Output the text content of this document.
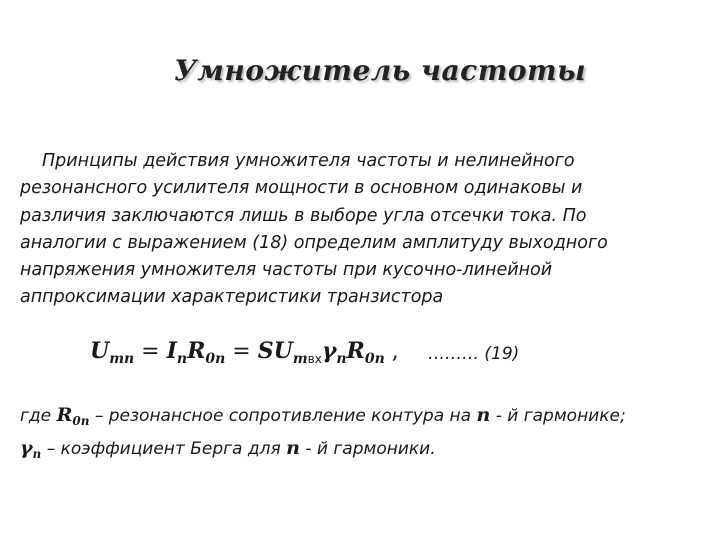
Умножитель частоты
Принципы действия умножителя частоты и нелинейного
резонансного усилителя мощности в основном одинаковы и
различия заключаются лишь в выборе угла отсечки тока. По
аналогии с выражением (18) определим амплитуду выходного
напряжения умножителя частоты при кусочно-линейной
аппроксимации характеристики транзистора
$U_{mn} = I_nR_{0n} = SU_{mвх}\gamma_nR_{0n}$ , ……… (19)
где $R_{0n}$ – резонансное сопротивление контура на n - й гармонике;
$\gamma_n$ – коэффициент Берга для n - й гармоники.
